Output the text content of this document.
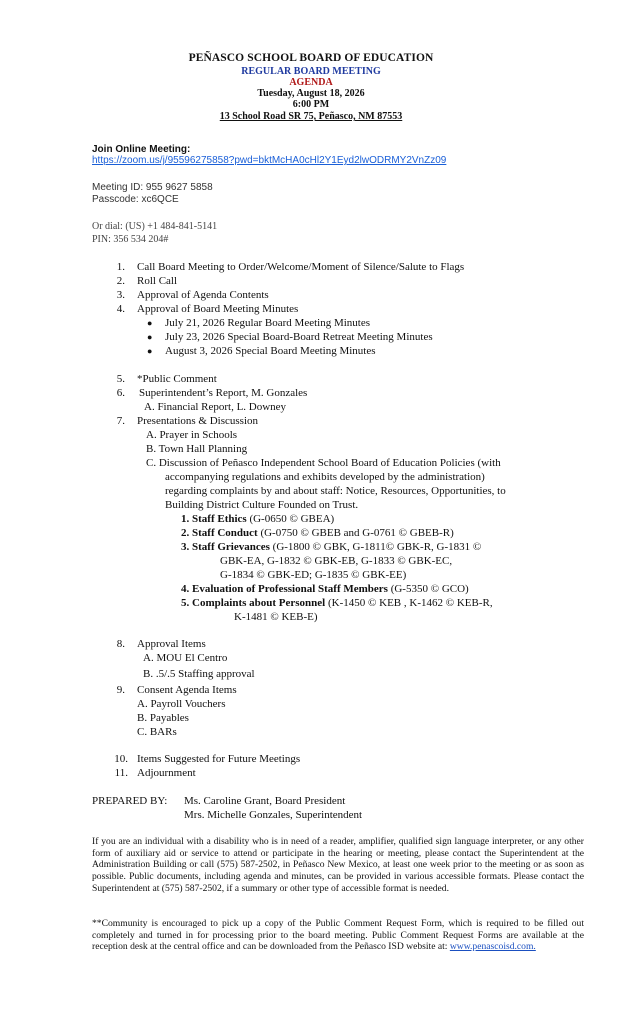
PEÑASCO SCHOOL BOARD OF EDUCATION
REGULAR BOARD MEETING
AGENDA
Tuesday, August 18, 2026
6:00 PM
13 School Road SR 75, Peñasco, NM 87553
Join Online Meeting:
https://zoom.us/j/95596275858?pwd=bktMcHA0cHl2Y1Eyd2lwODRMY2VnZz09
Meeting ID: 955 9627 5858
Passcode: xc6QCE
Or dial: (US) +1 484-841-5141
PIN: 356 534 204#
1. Call Board Meeting to Order/Welcome/Moment of Silence/Salute to Flags
2. Roll Call
3. Approval of Agenda Contents
4. Approval of Board Meeting Minutes
● July 21, 2026 Regular Board Meeting Minutes
● July 23, 2026 Special Board-Board Retreat Meeting Minutes
● August 3, 2026 Special Board Meeting Minutes
5. *Public Comment
6. Superintendent’s Report, M. Gonzales
A. Financial Report, L. Downey
7. Presentations & Discussion
A. Prayer in Schools
B. Town Hall Planning
C. Discussion of Peñasco Independent School Board of Education Policies (with
accompanying regulations and exhibits developed by the administration)
regarding complaints by and about staff: Notice, Resources, Opportunities, to
Building District Culture Founded on Trust.
1. Staff Ethics (G-0650 © GBEA)
2. Staff Conduct (G-0750 © GBEB and G-0761 © GBEB-R)
3. Staff Grievances (G-1800 © GBK, G-1811© GBK-R, G-1831 ©
GBK-EA, G-1832 © GBK-EB, G-1833 © GBK-EC,
G-1834 © GBK-ED; G-1835 © GBK-EE)
4. Evaluation of Professional Staff Members (G-5350 © GCO)
5. Complaints about Personnel (K-1450 © KEB , K-1462 © KEB-R,
K-1481 © KEB-E)
8. Approval Items
A. MOU El Centro
B. .5/.5 Staffing approval
9. Consent Agenda Items
A. Payroll Vouchers
B. Payables
C. BARs
10. Items Suggested for Future Meetings
11. Adjournment
PREPARED BY: Ms. Caroline Grant, Board President
Mrs. Michelle Gonzales, Superintendent
If you are an individual with a disability who is in need of a reader, amplifier, qualified sign language interpreter, or any other form of auxiliary aid or service to attend or participate in the hearing or meeting, please contact the Superintendent at the Administration Building or call (575) 587-2502, in Peñasco New Mexico, at least one week prior to the meeting or as soon as possible. Public documents, including agenda and minutes, can be provided in various accessible formats. Please contact the Superintendent at (575) 587-2502, if a summary or other type of accessible format is needed.
**Community is encouraged to pick up a copy of the Public Comment Request Form, which is required to be filled out completely and turned in for processing prior to the board meeting. Public Comment Request Forms are available at the reception desk at the central office and can be downloaded from the Peñasco ISD website at: www.penascoisd.com.
